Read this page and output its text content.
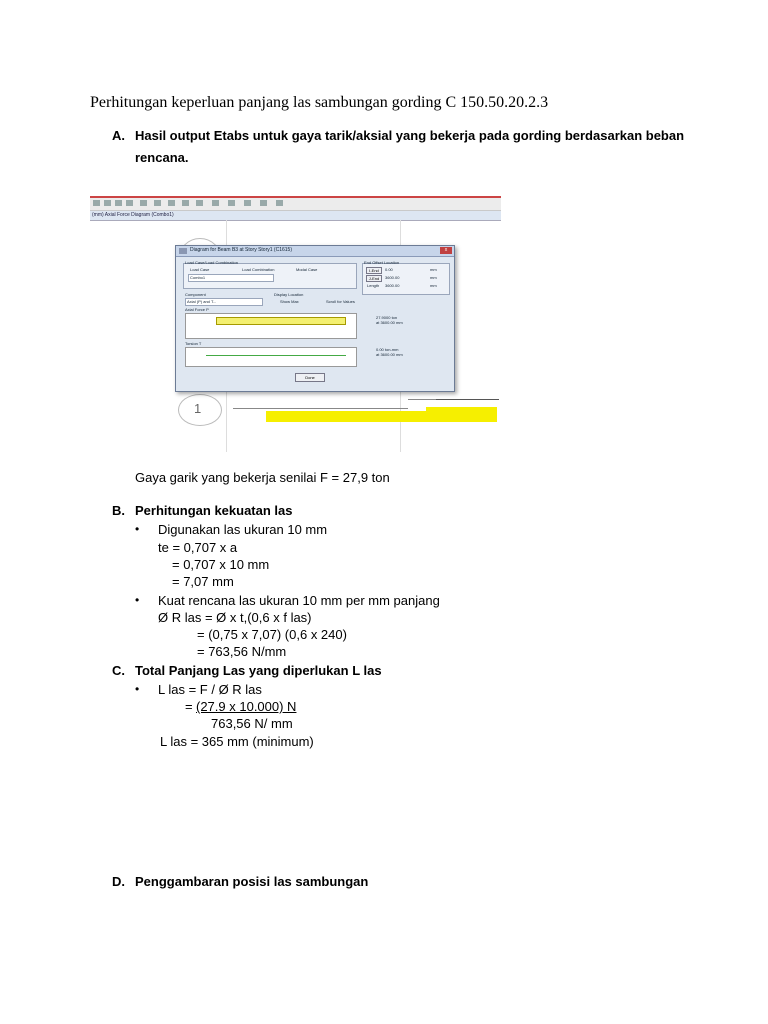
Perhitungan keperluan panjang las sambungan gording C 150.50.20.2.3
A. Hasil output Etabs untuk gaya tarik/aksial yang bekerja pada gording berdasarkan beban
rencana.
(mm) Axial Force Diagram (Combo1)
1
Diagram for Beam B3 at Story Story1 (C1615)	x
Load Case/Load Combination
Load Case	Load Combination	Modal Case
Combo1
End Offset Location
I-End	0.00	mm
J-End	3600.00	mm
Length 3600.00	mm
Component
Axial (P) and T...
Display Location
Show Max	Scroll for Values
Axial Force P
27.9000 ton
at 3600.00 mm
Torsion T
0.00 ton-mm
at 3600.00 mm
Done
Gaya garik yang bekerja senilai F = 27,9 ton
B. Perhitungan kekuatan las
• Digunakan las ukuran 10 mm
te = 0,707 x a
= 0,707 x 10 mm
= 7,07 mm
• Kuat rencana las ukuran 10 mm per mm panjang
Ø R las = Ø x t,(0,6 x f las)
= (0,75 x 7,07) (0,6 x 240)
= 763,56 N/mm
C. Total Panjang Las yang diperlukan L las
• L las = F / Ø R las
= (27.9 x 10.000) N
763,56 N/ mm
L las = 365 mm (minimum)
D. Penggambaran posisi las sambungan
